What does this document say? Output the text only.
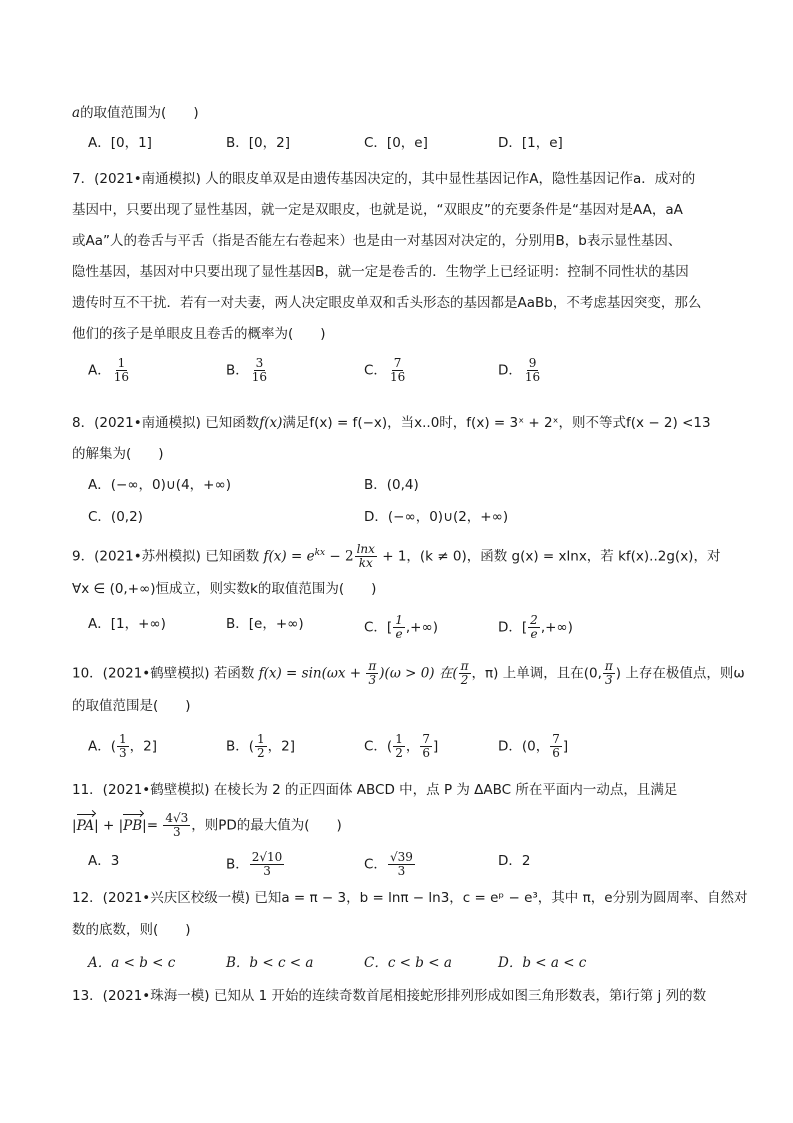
a的取值范围为(　　)
A．[0，1]	B．[0，2]	C．[0，e]	D．[1，e]
7．(2021•南通模拟) 人的眼皮单双是由遗传基因决定的，其中显性基因记作A，隐性基因记作a．成对的
基因中，只要出现了显性基因，就一定是双眼皮，也就是说，“双眼皮”的充要条件是“基因对是AA，aA
或Aa”人的卷舌与平舌（指是否能左右卷起来）也是由一对基因对决定的，分别用B，b表示显性基因、
隐性基因，基因对中只要出现了显性基因B，就一定是卷舌的．生物学上已经证明：控制不同性状的基因
遗传时互不干扰．若有一对夫妻，两人决定眼皮单双和舌头形态的基因都是AaBb，不考虑基因突变，那么
他们的孩子是单眼皮且卷舌的概率为(　　)
A． $\frac{1}{16}$	B． $\frac{3}{16}$	C． $\frac{7}{16}$	D． $\frac{9}{16}$
8．(2021•南通模拟) 已知函数f(x)满足f(x) = f(−x)，当x..0时，f(x) = 3ˣ + 2ˣ，则不等式f(x − 2) <13
的解集为(　　)
A．(−∞，0)∪(4，+∞)	B．(0,4)
C．(0,2)	D．(−∞，0)∪(2，+∞)
9．(2021•苏州模拟) 已知函数 $f(x) = e^{kx} - 2 \frac{\ln x}{kx} + 1$，(k ≠ 0)，函数 g(x) = xlnx，若 kf(x)..2g(x)，对
∀x ∈ (0,+∞)恒成立，则实数k的取值范围为(　　)
A．[1，+∞)	B．[e，+∞)	C．[ $\frac{1}{e}$ ,+∞)	D．[ $\frac{2}{e}$ ,+∞)
10．(2021•鹤壁模拟) 若函数 $f(x) = \sin(\omega x + \frac{\pi}{3} )(\omega > 0)$ 在( $\frac{\pi}{2}$ ，π) 上单调，且在(0, $\frac{\pi}{3}$ ) 上存在极值点，则ω
的取值范围是(　　)
A．( $\frac{1}{3}$ ，2]	B．( $\frac{1}{2}$ ，2]	C．( $\frac{1}{2}$ ， $\frac{7}{6}$ ]	D．(0， $\frac{7}{6}$ ]
11．(2021•鹤壁模拟) 在棱长为 2 的正四面体 ABCD 中，点 P 为 ΔABC 所在平面内一动点，且满足
$|PA| + |PB|= \frac{4√3}{3}$ ，则PD的最大值为(　　)
A．3	B． $\frac{2√10}{3}$	C． $\frac{√39}{3}$	D．2
12．(2021•兴庆区校级一模) 已知a = π − 3，b = lnπ − ln3，c = eᵖ − e³，其中 π，e分别为圆周率、自然对
数的底数，则(　　)
A．a < b < c	B．b < c < a	C．c < b < a	D．b < a < c
13．(2021•珠海一模) 已知从 1 开始的连续奇数首尾相接蛇形排列形成如图三角形数表，第i行第 j 列的数
